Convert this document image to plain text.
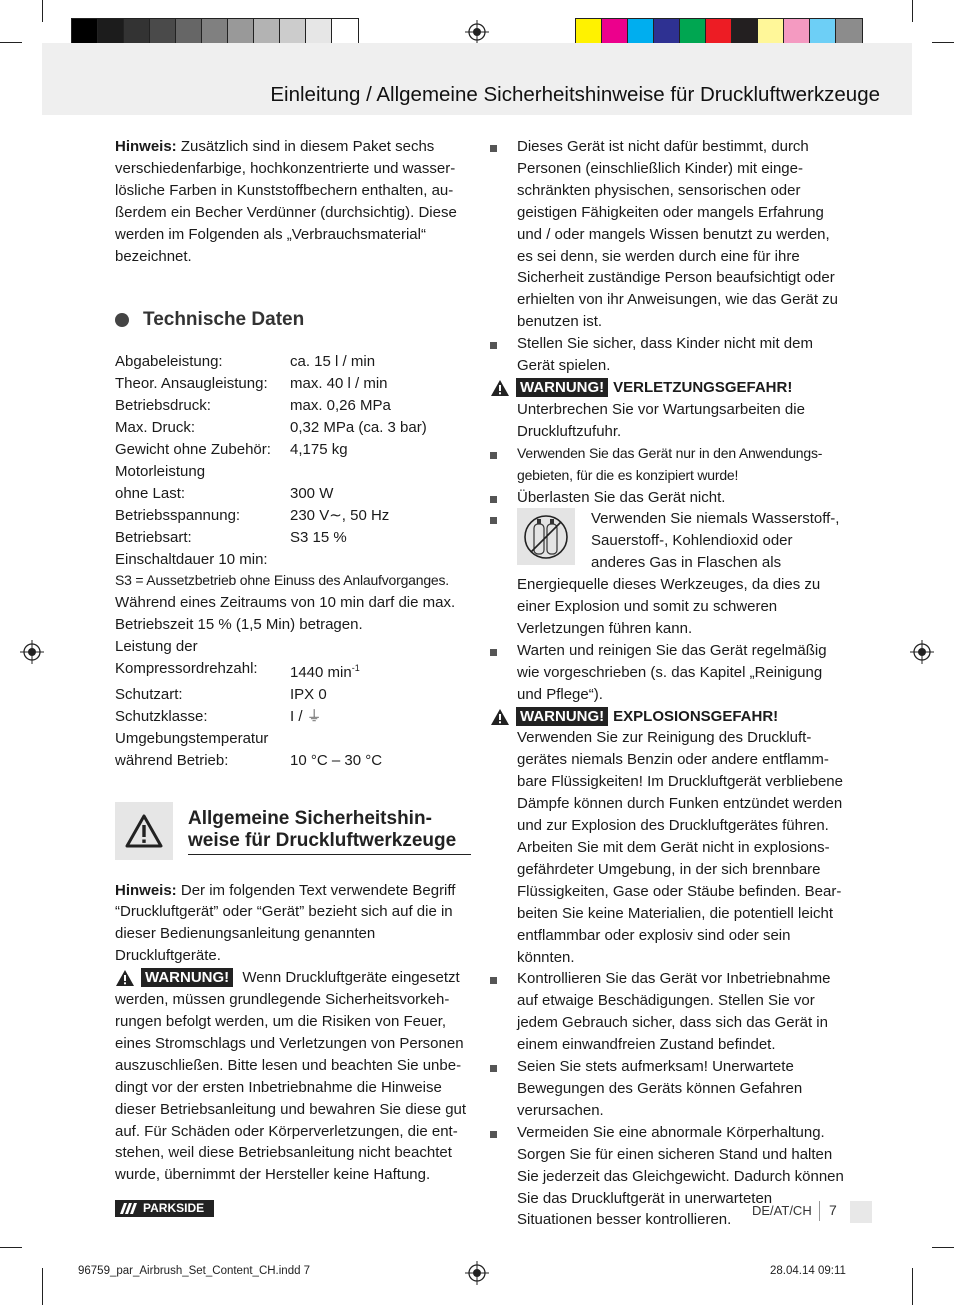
Einleitung / Allgemeine Sicherheitshinweise für Druckluftwerkzeuge

Hinweis: Zusätzlich sind in diesem Paket sechs verschiedenfarbige, hochkonzentrierte und wasser-lösliche Farben in Kunststoffbechern enthalten, au-ßerdem ein Becher Verdünner (durchsichtig). Diese werden im Folgenden als „Verbrauchsmaterial“ bezeichnet.

Technische Daten
Abgabeleistung:	ca. 15 l / min
Theor. Ansaugleistung:	max. 40 l / min
Betriebsdruck:	max. 0,26 MPa
Max. Druck:	0,32 MPa (ca. 3 bar)
Gewicht ohne Zubehör:	4,175 kg
Motorleistung
ohne Last:	300 W
Betriebsspannung:	230 V∼, 50 Hz
Betriebsart:	S3 15 %
Einschaltdauer 10 min:
S3 = Aussetzbetrieb ohne Einuss des Anlaufvorganges.
Während eines Zeitraums von 10 min darf die max. Betriebszeit 15 % (1,5 Min) betragen.
Leistung der
Kompressordrehzahl:	1440 $\min^{-1}$
Schutzart:	IPX 0
Schutzklasse:	I / ⏚
Umgebungstemperatur
während Betrieb:	10 °C – 30 °C
Allgemeine Sicherheitshin-weise für Druckluftwerkzeuge

Hinweis: Der im folgenden Text verwendete Begriff “Druckluftgerät” oder “Gerät” bezieht sich auf die in dieser Bedienungsanleitung genannten Druckluftgeräte.

WARNUNG! Wenn Druckluftgeräte eingesetzt werden, müssen grundlegende Sicherheitsvorkeh-rungen befolgt werden, um die Risiken von Feuer, eines Stromschlags und Verletzungen von Personen auszuschließen. Bitte lesen und beachten Sie unbe-dingt vor der ersten Inbetriebnahme die Hinweise dieser Betriebsanleitung und bewahren Sie diese gut auf. Für Schäden oder Körperverletzungen, die ent-stehen, weil diese Betriebsanleitung nicht beachtet wurde, übernimmt der Hersteller keine Haftung.

Dieses Gerät ist nicht dafür bestimmt, durch Personen (einschließlich Kinder) mit einge-schränkten physischen, sensorischen oder geistigen Fähigkeiten oder mangels Erfahrung und / oder mangels Wissen benutzt zu werden, es sei denn, sie werden durch eine für ihre Sicherheit zuständige Person beaufsichtigt oder erhielten von ihr Anweisungen, wie das Gerät zu benutzen ist.
Stellen Sie sicher, dass Kinder nicht mit dem Gerät spielen.
WARNUNG! VERLETZUNGSGEFAHR!
Unterbrechen Sie vor Wartungsarbeiten die Druckluftzufuhr.
Verwenden Sie das Gerät nur in den Anwendungs-gebieten, für die es konzipiert wurde!
Überlasten Sie das Gerät nicht.
Verwenden Sie niemals Wasserstoff-, Sauerstoff-, Kohlendioxid oder anderes Gas in Flaschen als Energiequelle dieses Werkzeuges, da dies zu einer Explosion und somit zu schweren Verletzungen führen kann.
Warten und reinigen Sie das Gerät regelmäßig wie vorgeschrieben (s. das Kapitel „Reinigung und Pflege“).
WARNUNG! EXPLOSIONSGEFAHR!
Verwenden Sie zur Reinigung des Druckluft-gerätes niemals Benzin oder andere entflamm-bare Flüssigkeiten! Im Druckluftgerät verbliebene Dämpfe können durch Funken entzündet werden und zur Explosion des Druckluftgerätes führen.
Arbeiten Sie mit dem Gerät nicht in explosions-gefährdeter Umgebung, in der sich brennbare Flüssigkeiten, Gase oder Stäube befinden. Bear-beiten Sie keine Materialien, die potentiell leicht entflammbar oder explosiv sind oder sein könnten.
Kontrollieren Sie das Gerät vor Inbetriebnahme auf etwaige Beschädigungen. Stellen Sie vor jedem Gebrauch sicher, dass sich das Gerät in einem einwandfreien Zustand befindet.
Seien Sie stets aufmerksam! Unerwartete Bewegungen des Geräts können Gefahren verursachen.
Vermeiden Sie eine abnormale Körperhaltung. Sorgen Sie für einen sicheren Stand und halten Sie jederzeit das Gleichgewicht. Dadurch können Sie das Druckluftgerät in unerwarteten Situationen besser kontrollieren.
PARKSIDE	DE/AT/CH 7
96759_par_Airbrush_Set_Content_CH.indd 7	28.04.14 09:11
